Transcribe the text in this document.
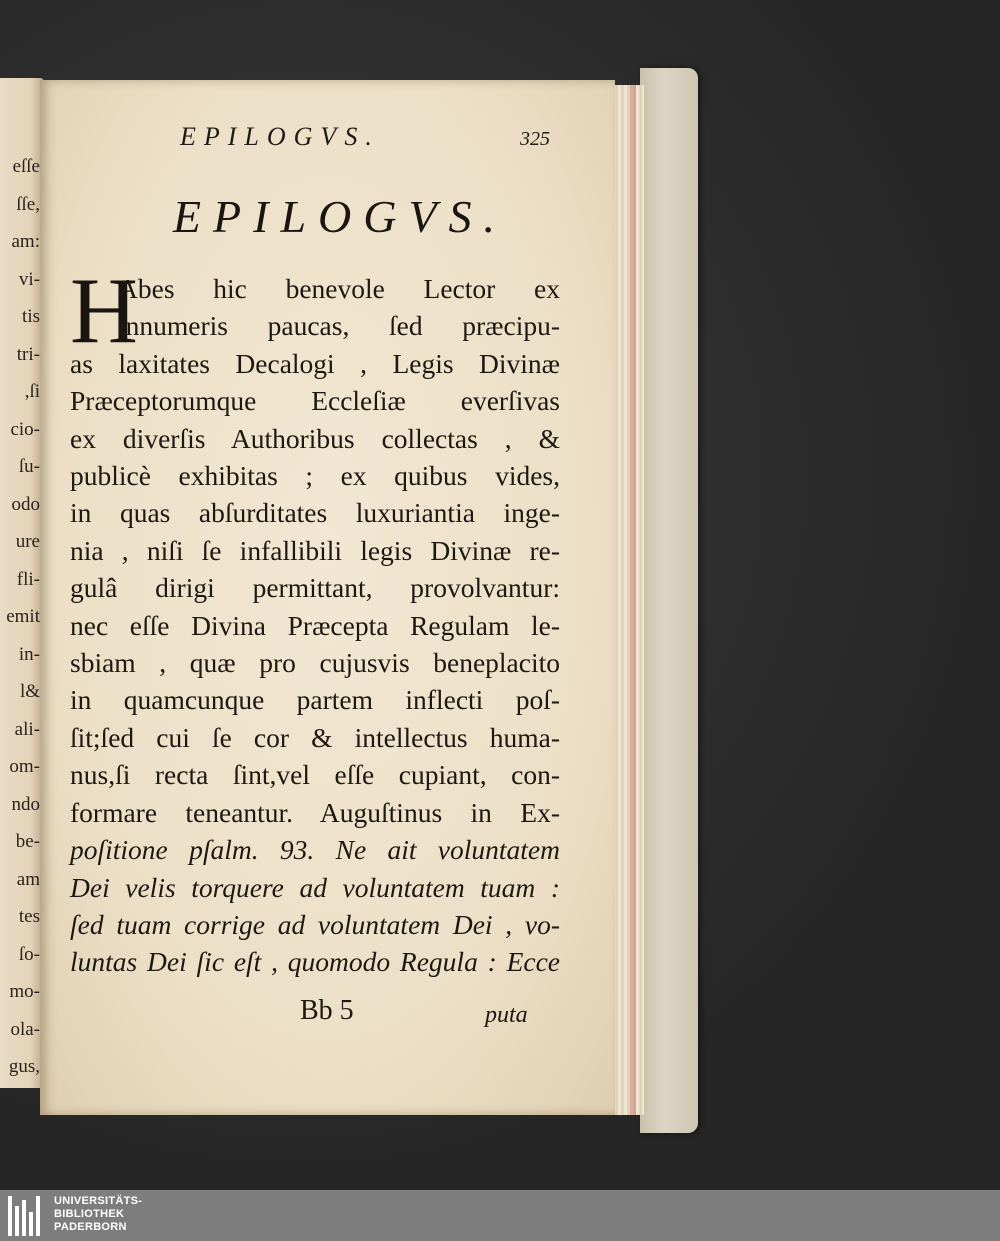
eſſe
ſſe,
am:
vi-
tis
tri-
,ſi
cio-
ſu-
odo
ure
fli-
emit
in-
l&
ali-
om-
ndo
be-
am
tes
ſo-
mo-
ola-
gus,
EPILOGVS.	325
EPILOGVS.
H
Abes hic benevole Lector ex
innumeris paucas, ſed præcipu-
as laxitates Decalogi , Legis Divinæ
Præceptorumque Eccleſiæ everſivas
ex diverſis Authoribus collectas , &
publicè exhibitas ; ex quibus vides,
in quas abſurditates luxuriantia inge-
nia , niſi ſe infallibili legis Divinæ re-
gulâ dirigi permittant, provolvantur:
nec eſſe Divina Præcepta Regulam le-
sbiam , quæ pro cujusvis beneplacito
in quamcunque partem inflecti poſ-
ſit;ſed cui ſe cor & intellectus huma-
nus,ſi recta ſint,vel eſſe cupiant, con-
formare teneantur. Auguſtinus in Ex-
poſitione pſalm. 93. Ne ait voluntatem
Dei velis torquere ad voluntatem tuam :
ſed tuam corrige ad voluntatem Dei , vo-
luntas Dei ſic eſt , quomodo Regula : Ecce
Bb 5	puta
UNIVERSITÄTS-
BIBLIOTHEK
PADERBORN
